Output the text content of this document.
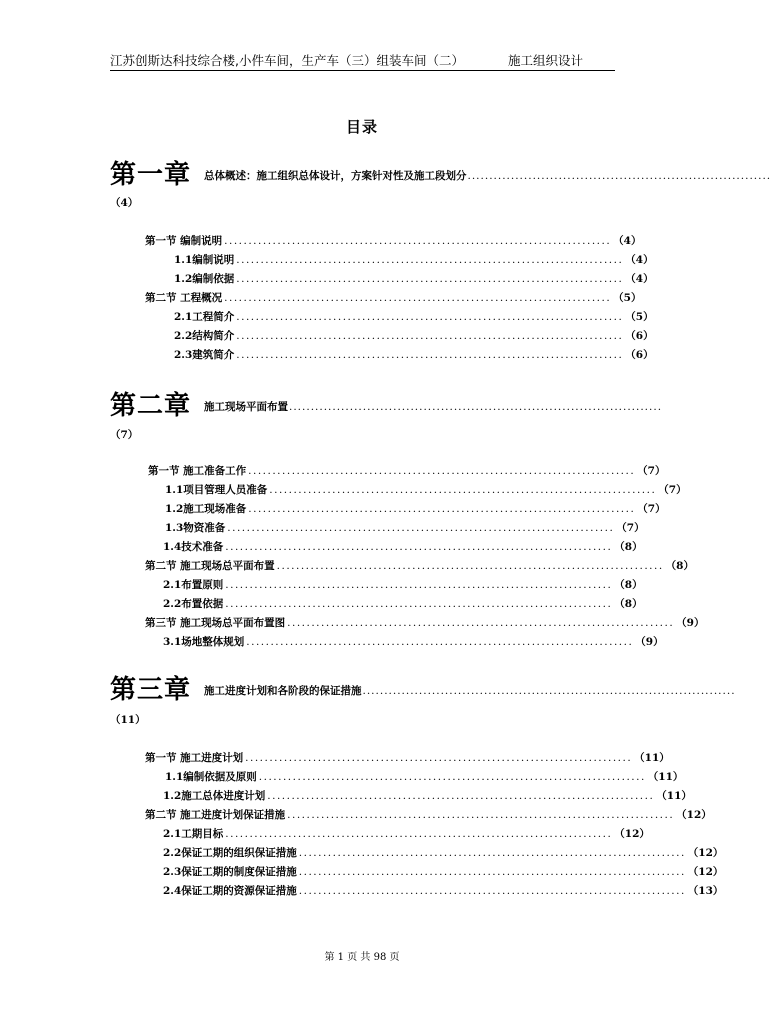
江苏创斯达科技综合楼,小件车间，生产车（三）组装车间（二）	施工组织设计
目录
第一章 总体概述：施工组织总体设计，方案针对性及施工段划分 ......................................................................
（4）
第一节 编制说明 ................................................................................ （4）
1.1编制说明 ................................................................................ （4）
1.2编制依据 ................................................................................ （4）
第二节 工程概况 ................................................................................ （5）
2.1工程简介 ................................................................................ （5）
2.2结构简介 ................................................................................ （6）
2.3建筑简介 ................................................................................ （6）
第二章 施工现场平面布置 ......................................................................................
（7）
第一节 施工准备工作 ................................................................................ （7）
1.1项目管理人员准备 ................................................................................ （7）
1.2施工现场准备 ................................................................................ （7）
1.3物资准备 ................................................................................ （7）
1.4技术准备 ................................................................................ （8）
第二节 施工现场总平面布置 ................................................................................ （8）
2.1布置原则 ................................................................................ （8）
2.2布置依据 ................................................................................ （8）
第三节 施工现场总平面布置图 ................................................................................ （9）
3.1场地整体规划 ................................................................................ （9）
第三章 施工进度计划和各阶段的保证措施 ......................................................................................
（11）
第一节 施工进度计划 ................................................................................ （11）
1.1编制依据及原则 ................................................................................ （11）
1.2施工总体进度计划 ................................................................................ （11）
第二节 施工进度计划保证措施 ................................................................................ （12）
2.1工期目标 ................................................................................ （12）
2.2保证工期的组织保证措施 ................................................................................ （12）
2.3保证工期的制度保证措施 ................................................................................ （12）
2.4保证工期的资源保证措施 ................................................................................ （13）
第 1 页 共 98 页
